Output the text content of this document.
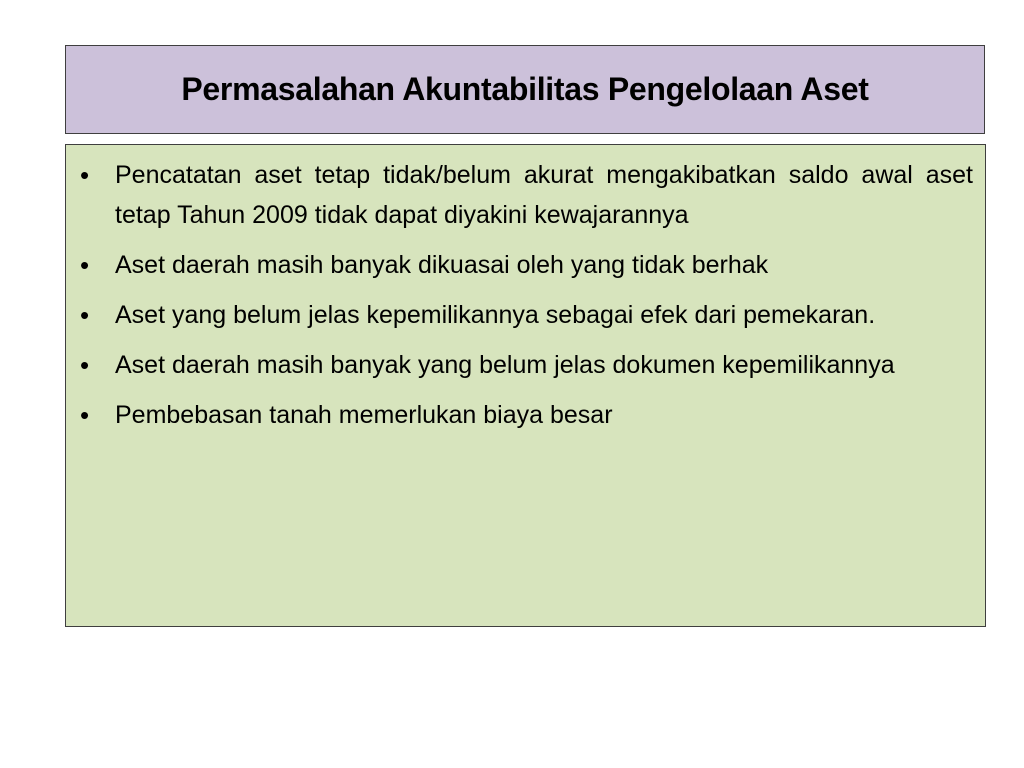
Permasalahan Akuntabilitas Pengelolaan Aset
•	Pencatatan aset tetap tidak/belum akurat mengakibatkan saldo awal aset tetap Tahun 2009 tidak dapat diyakini kewajarannya
•	Aset daerah masih banyak dikuasai oleh yang tidak berhak
•	Aset yang belum jelas kepemilikannya sebagai efek dari pemekaran.
•	Aset daerah masih banyak yang belum jelas dokumen kepemilikannya
•	Pembebasan tanah memerlukan biaya besar
